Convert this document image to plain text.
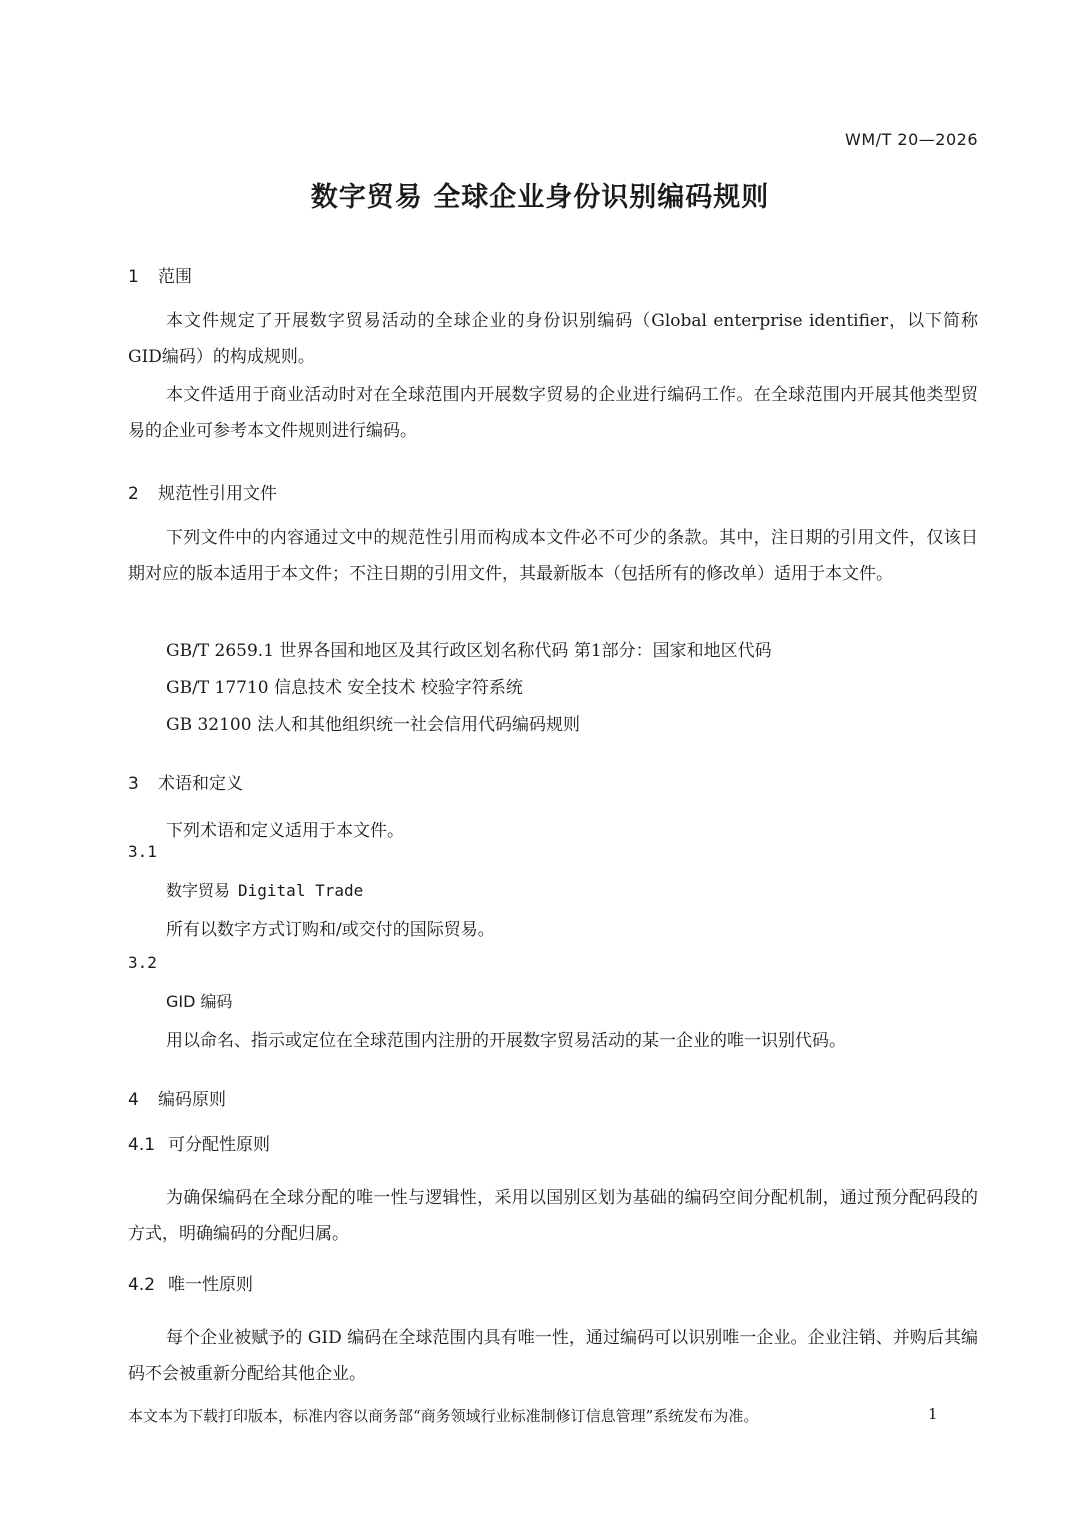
WM/T 20—2026
数字贸易 全球企业身份识别编码规则
1 范围
本文件规定了开展数字贸易活动的全球企业的身份识别编码（Global enterprise identifier，以下简称GID编码）的构成规则。
本文件适用于商业活动时对在全球范围内开展数字贸易的企业进行编码工作。在全球范围内开展其他类型贸易的企业可参考本文件规则进行编码。
2 规范性引用文件
下列文件中的内容通过文中的规范性引用而构成本文件必不可少的条款。其中，注日期的引用文件，仅该日期对应的版本适用于本文件；不注日期的引用文件，其最新版本（包括所有的修改单）适用于本文件。
GB/T 2659.1 世界各国和地区及其行政区划名称代码 第1部分：国家和地区代码
GB/T 17710 信息技术 安全技术 校验字符系统
GB 32100 法人和其他组织统一社会信用代码编码规则
3 术语和定义
下列术语和定义适用于本文件。
3.1
数字贸易 Digital Trade
所有以数字方式订购和/或交付的国际贸易。
3.2
GID 编码
用以命名、指示或定位在全球范围内注册的开展数字贸易活动的某一企业的唯一识别代码。
4 编码原则
4.1 可分配性原则
为确保编码在全球分配的唯一性与逻辑性，采用以国别区划为基础的编码空间分配机制，通过预分配码段的方式，明确编码的分配归属。
4.2 唯一性原则
每个企业被赋予的 GID 编码在全球范围内具有唯一性，通过编码可以识别唯一企业。企业注销、并购后其编码不会被重新分配给其他企业。
本文本为下载打印版本，标准内容以商务部“商务领域行业标准制修订信息管理”系统发布为准。	1
